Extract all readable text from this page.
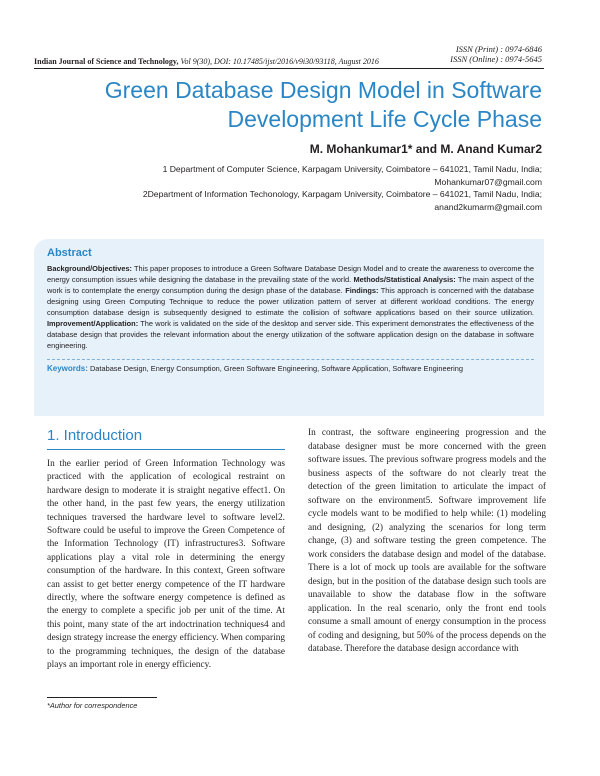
ISSN (Print) : 0974-6846
ISSN (Online) : 0974-5645
Indian Journal of Science and Technology, Vol 9(30), DOI: 10.17485/ijst/2016/v9i30/93118, August 2016
Green Database Design Model in Software Development Life Cycle Phase
M. Mohankumar1* and M. Anand Kumar2
1 Department of Computer Science, Karpagam University, Coimbatore – 641021, Tamil Nadu, India;
Mohankumar07@gmail.com
2Department of Information Techonology, Karpagam University, Coimbatore – 641021, Tamil Nadu, India;
anand2kumarm@gmail.com
Abstract
Background/Objectives: This paper proposes to introduce a Green Software Database Design Model and to create the awareness to overcome the energy consumption issues while designing the database in the prevailing state of the world. Methods/Statistical Analysis: The main aspect of the work is to contemplate the energy consumption during the design phase of the database. Findings: This approach is concerned with the database designing using Green Computing Technique to reduce the power utilization pattern of server at different workload conditions. The energy consumption database design is subsequently designed to estimate the collision of software applications based on their source utilization. Improvement/Application: The work is validated on the side of the desktop and server side. This experiment demonstrates the effectiveness of the database design that provides the relevant information about the energy utilization of the software application design on the database in software engineering.
Keywords: Database Design, Energy Consumption, Green Software Engineering, Software Application, Software Engineering
1. Introduction

In the earlier period of Green Information Technology was practiced with the application of ecological restraint on hardware design to moderate it is straight negative effect1. On the other hand, in the past few years, the energy utilization techniques traversed the hardware level to software level2. Software could be useful to improve the Green Competence of the Information Technology (IT) infrastructures3. Software applications play a vital role in determining the energy consumption of the hardware. In this context, Green software can assist to get better energy competence of the IT hardware directly, where the software energy competence is defined as the energy to complete a specific job per unit of the time. At this point, many state of the art indoctrination techniques4 and design strategy increase the energy efficiency. When comparing to the programming techniques, the design of the database plays an important role in energy efficiency.

In contrast, the software engineering progression and the database designer must be more concerned with the green software issues. The previous software progress models and the business aspects of the software do not clearly treat the detection of the green limitation to articulate the impact of software on the environment5. Software improvement life cycle models want to be modified to help while: (1) modeling and designing, (2) analyzing the scenarios for long term change, (3) and software testing the green competence. The work considers the database design and model of the database. There is a lot of mock up tools are available for the software design, but in the position of the database design such tools are unavailable to show the database flow in the software application. In the real scenario, only the front end tools consume a small amount of energy consumption in the process of coding and designing, but 50% of the process depends on the database. Therefore the database design accordance with

*Author for correspondence
